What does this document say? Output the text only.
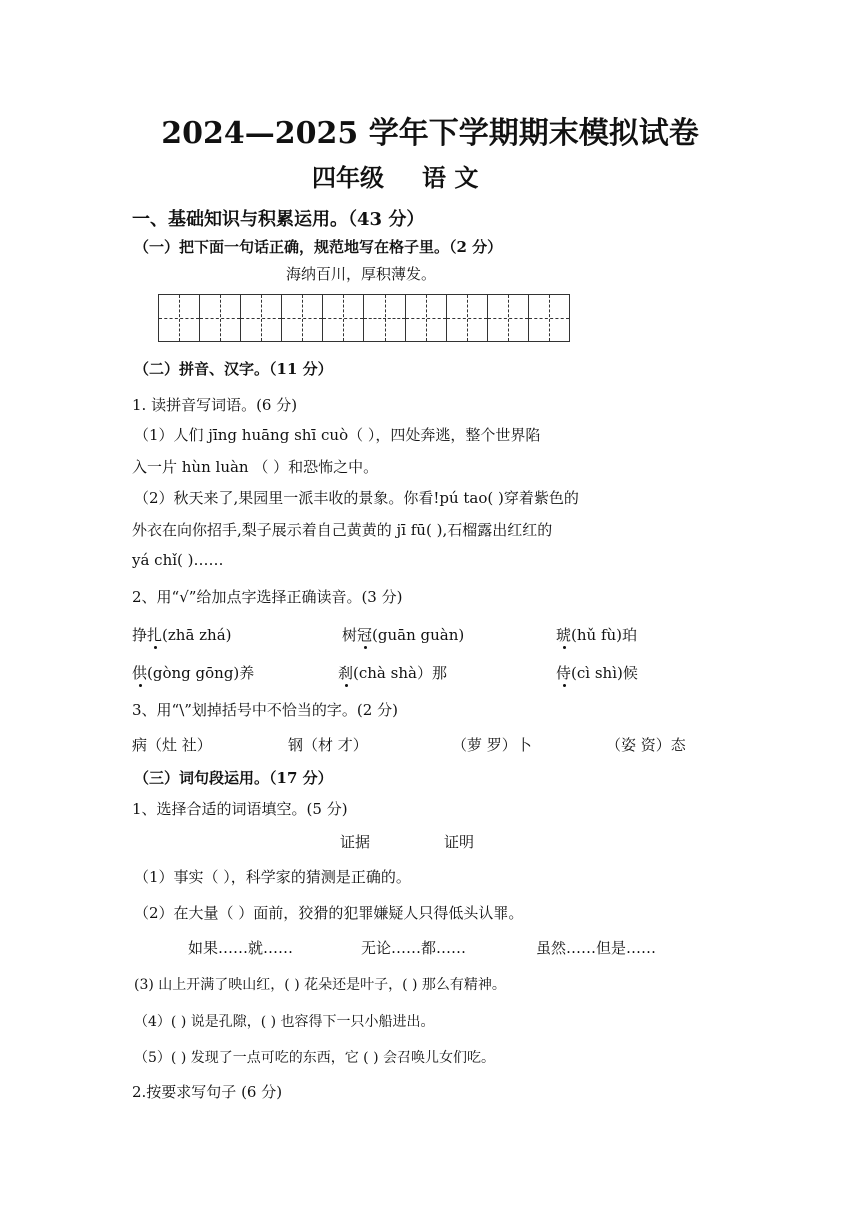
2024—2025 学年下学期期末模拟试卷
四年级 语 文
一、基础知识与积累运用。（43 分）
（一）把下面一句话正确，规范地写在格子里。（2 分）
海纳百川，厚积薄发。
（二）拼音、汉字。（11 分）
1. 读拼音写词语。(6 分)
（1）人们 jīng huāng shī cuò（ ），四处奔逃，整个世界陷
入一片 hùn luàn （ ）和恐怖之中。
（2）秋天来了,果园里一派丰收的景象。你看!pú tao( )穿着紫色的
外衣在向你招手,梨子展示着自己黄黄的 jī fū( ),石榴露出红红的
yá chǐ( )……
2、用“√”给加点字选择正确读音。(3 分)
挣扎(zhā zhá)	树冠(guān guàn)	琥(hǔ fù)珀
供(gòng gōng)养	刹(chà shà）那	侍(cì shì)候
3、用“\”划掉括号中不恰当的字。(2 分)
病（灶 社）	钢（材 才）	（萝 罗）卜	（姿 资）态
（三）词句段运用。（17 分）
1、选择合适的词语填空。(5 分)
证据	证明
（1）事实（ ），科学家的猜测是正确的。
（2）在大量（ ）面前，狡猾的犯罪嫌疑人只得低头认罪。
如果……就……	无论……都……	虽然……但是……
(3) 山上开满了映山红，( ) 花朵还是叶子，( ) 那么有精神。
（4）( ) 说是孔隙，( ) 也容得下一只小船进出。
（5）( ) 发现了一点可吃的东西，它 ( ) 会召唤儿女们吃。
2.按要求写句子 (6 分)
